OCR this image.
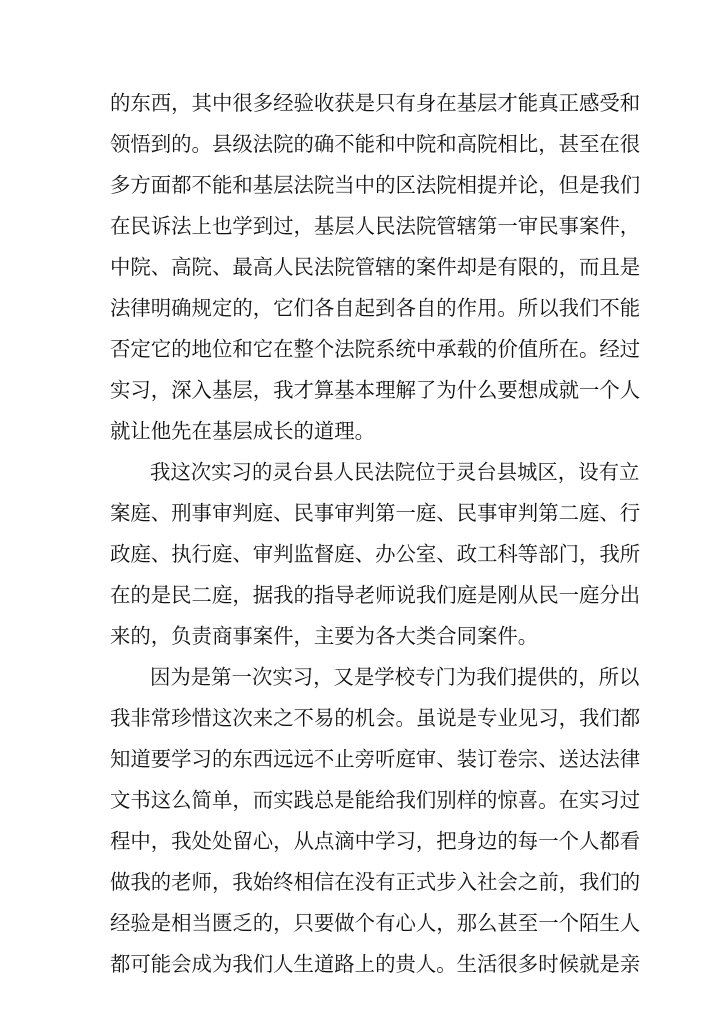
的东西，其中很多经验收获是只有身在基层才能真正感受和
领悟到的。县级法院的确不能和中院和高院相比，甚至在很
多方面都不能和基层法院当中的区法院相提并论，但是我们
在民诉法上也学到过，基层人民法院管辖第一审民事案件，
中院、高院、最高人民法院管辖的案件却是有限的，而且是
法律明确规定的，它们各自起到各自的作用。所以我们不能
否定它的地位和它在整个法院系统中承载的价值所在。经过
实习，深入基层，我才算基本理解了为什么要想成就一个人
就让他先在基层成长的道理。
我这次实习的灵台县人民法院位于灵台县城区，设有立
案庭、刑事审判庭、民事审判第一庭、民事审判第二庭、行
政庭、执行庭、审判监督庭、办公室、政工科等部门，我所
在的是民二庭，据我的指导老师说我们庭是刚从民一庭分出
来的，负责商事案件，主要为各大类合同案件。
因为是第一次实习，又是学校专门为我们提供的，所以
我非常珍惜这次来之不易的机会。虽说是专业见习，我们都
知道要学习的东西远远不止旁听庭审、装订卷宗、送达法律
文书这么简单，而实践总是能给我们别样的惊喜。在实习过
程中，我处处留心，从点滴中学习，把身边的每一个人都看
做我的老师，我始终相信在没有正式步入社会之前，我们的
经验是相当匮乏的，只要做个有心人，那么甚至一个陌生人
都可能会成为我们人生道路上的贵人。生活很多时候就是亲
